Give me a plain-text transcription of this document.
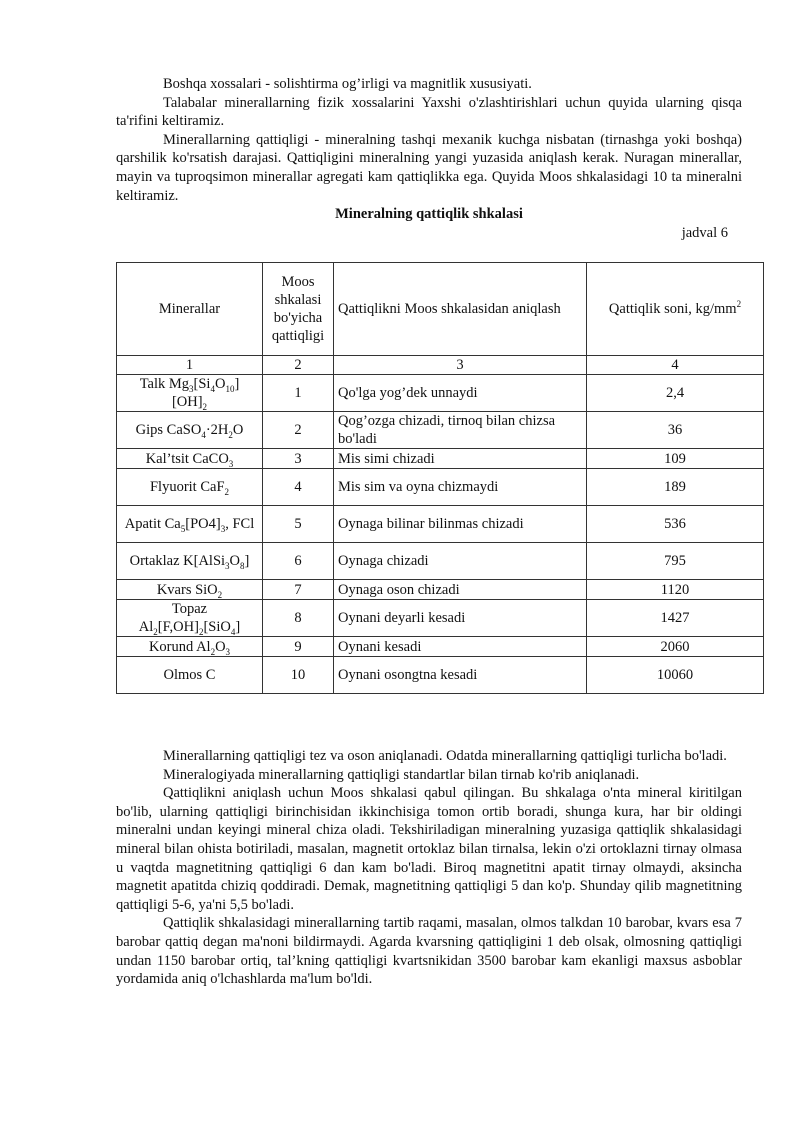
Boshqa xossalari - solishtirma og’irligi va magnitlik xususiyati.

Talabalar minerallarning fizik xossalarini Yaxshi o'zlashtirishlari uchun quyida ularning qisqa ta'rifini keltiramiz.

Minerallarning qattiqligi - mineralning tashqi mexanik kuchga nisbatan (tirnashga yoki boshqa) qarshilik ko'rsatish darajasi. Qattiqligini mineralning yangi yuzasida aniqlash kerak. Nuragan minerallar, mayin va tuproqsimon minerallar agregati kam qattiqlikka ega. Quyida Moos shkalasidagi 10 ta mineralni keltiramiz.

Mineralning qattiqlik shkalasi

jadval 6

Minerallar	Moos shkalasi bo'yicha qattiqligi	Qattiqlikni Moos shkalasidan aniqlash	Qattiqlik soni, $kg/mm^2$
1	2	3	4
Talk $Mg_3[Si_4O_{10}]$ $[OH]_2$	1	Qo'lga yog’dek unnaydi	2,4
Gips $CaSO_4\cdot 2H_2O$	2	Qog’ozga chizadi, tirnoq bilan chizsa bo'ladi	36
Kal’tsit CaCO$_3$	3	Mis simi chizadi	109
Flyuorit CaF$_2$	4	Mis sim va oyna chizmaydi	189
Apatit $Ca_5[PO4]_3$, FCl	5	Oynaga bilinar bilinmas chizadi	536
Ortaklaz $K[AlSi_3O_8]$	6	Oynaga chizadi	795
Kvars SiO$_2$	7	Oynaga oson chizadi	1120
Topaz $Al_2[F,OH]_2[SiO_4]$	8	Oynani deyarli kesadi	1427
Korund $Al_2O_3$	9	Oynani kesadi	2060
Olmos C	10	Oynani osongtna kesadi	10060

Minerallarning qattiqligi tez va oson aniqlanadi. Odatda minerallarning qattiqligi turlicha bo'ladi.

Mineralogiyada minerallarning qattiqligi standartlar bilan tirnab ko'rib aniqlanadi.

Qattiqlikni aniqlash uchun Moos shkalasi qabul qilingan. Bu shkalaga o'nta mineral kiritilgan bo'lib, ularning qattiqligi birinchisidan ikkinchisiga tomon ortib boradi, shunga kura, har bir oldingi mineralni undan keyingi mineral chiza oladi. Tekshiriladigan mineralning yuzasiga qattiqlik shkalasidagi mineral bilan ohista botiriladi, masalan, magnetit ortoklaz bilan tirnalsa, lekin o'zi ortoklazni tirnay olmasa u vaqtda magnetitning qattiqligi 6 dan kam bo'ladi. Biroq magnetitni apatit tirnay olmaydi, aksincha magnetit apatitda chiziq qoddiradi. Demak, magnetitning qattiqligi 5 dan ko'p. Shunday qilib magnetitning qattiqligi 5-6, ya'ni 5,5 bo'ladi.

Qattiqlik shkalasidagi minerallarning tartib raqami, masalan, olmos talkdan 10 barobar, kvars esa 7 barobar qattiq degan ma'noni bildirmaydi. Agarda kvarsning qattiqligini 1 deb olsak, olmosning qattiqligi undan 1150 barobar ortiq, tal’kning qattiqligi kvartsnikidan 3500 barobar kam ekanligi maxsus asboblar yordamida aniq o'lchashlarda ma'lum bo'ldi.
